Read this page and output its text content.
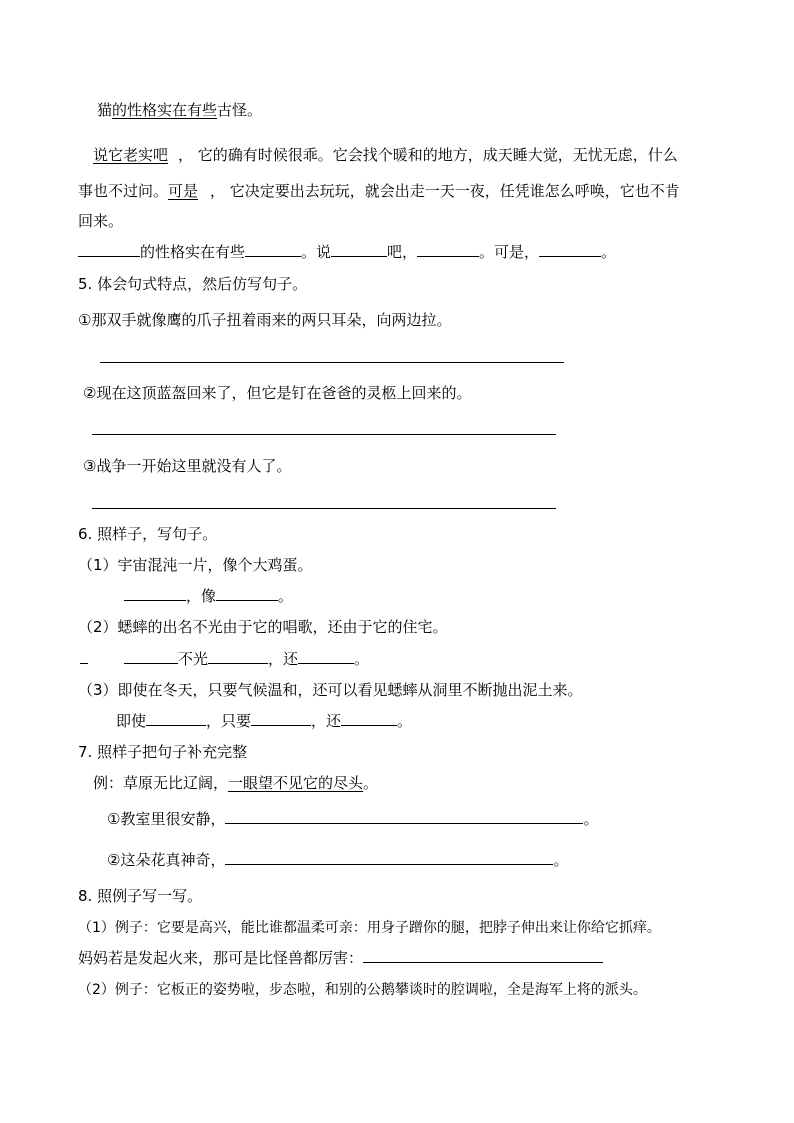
猫的性格实在有些古怪。
说它老实吧 ， 它的确有时候很乖。它会找个暖和的地方，成天睡大觉，无忧无虑，什么
事也不过问。可是 ， 它决定要出去玩玩，就会出走一天一夜，任凭谁怎么呼唤，它也不肯
回来。
的性格实在有些	。说	吧，	。可是，	。
5. 体会句式特点，然后仿写句子。
①那双手就像鹰的爪子扭着雨来的两只耳朵，向两边拉。
②现在这顶蓝盔回来了，但它是钉在爸爸的灵柩上回来的。
③战争一开始这里就没有人了。
6. 照样子，写句子。
（1）宇宙混沌一片，像个大鸡蛋。
，像	。
（2）蟋蟀的出名不光由于它的唱歌，还由于它的住宅。
不光	，还	。
（3）即使在冬天，只要气候温和，还可以看见蟋蟀从洞里不断抛出泥土来。
即使	，只要	，还	。
7. 照样子把句子补充完整
例：草原无比辽阔，一眼望不见它的尽头。
①教室里很安静，	。
②这朵花真神奇，	。
8. 照例子写一写。
（1）例子：它要是高兴，能比谁都温柔可亲：用身子蹭你的腿，把脖子伸出来让你给它抓痒。
妈妈若是发起火来，那可是比怪兽都厉害：
（2）例子：它板正的姿势啦，步态啦，和别的公鹅攀谈时的腔调啦，全是海军上将的派头。
